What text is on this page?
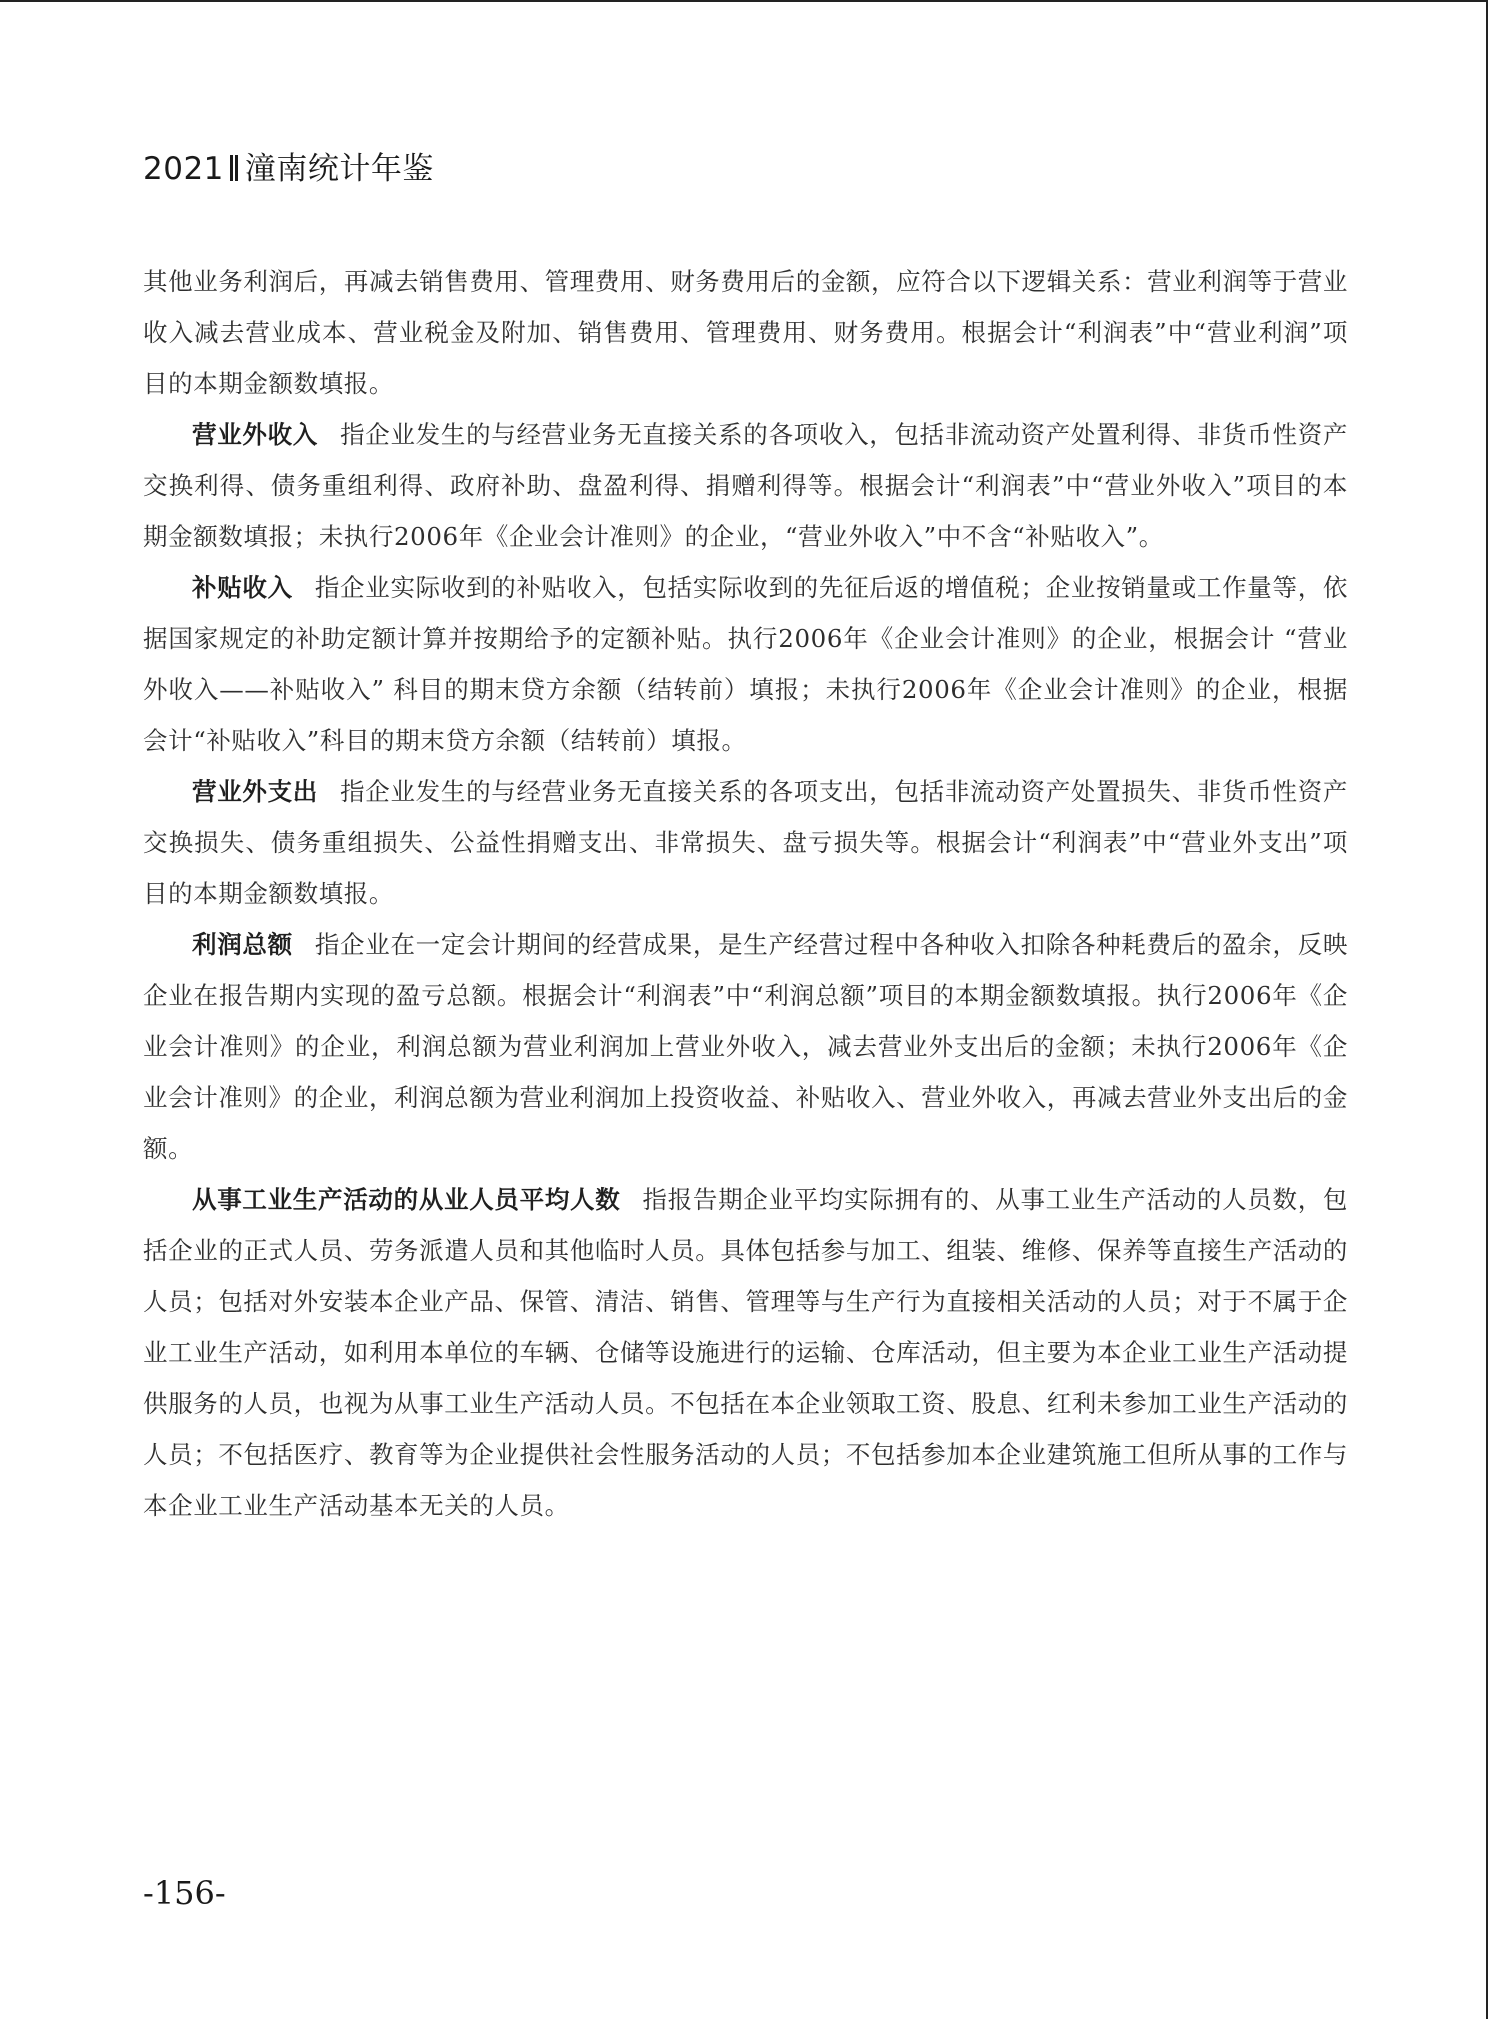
2021 潼南统计年鉴

其他业务利润后，再减去销售费用、管理费用、财务费用后的金额，应符合以下逻辑关系：营业利润等于营业收入减去营业成本、营业税金及附加、销售费用、管理费用、财务费用。根据会计“利润表”中“营业利润”项目的本期金额数填报。

营业外收入 指企业发生的与经营业务无直接关系的各项收入，包括非流动资产处置利得、非货币性资产交换利得、债务重组利得、政府补助、盘盈利得、捐赠利得等。根据会计“利润表”中“营业外收入”项目的本期金额数填报；未执行2006年《企业会计准则》的企业，“营业外收入”中不含“补贴收入”。

补贴收入 指企业实际收到的补贴收入，包括实际收到的先征后返的增值税；企业按销量或工作量等，依据国家规定的补助定额计算并按期给予的定额补贴。执行2006年《企业会计准则》的企业，根据会计 “营业外收入——补贴收入” 科目的期末贷方余额（结转前）填报；未执行2006年《企业会计准则》的企业，根据会计“补贴收入”科目的期末贷方余额（结转前）填报。

营业外支出 指企业发生的与经营业务无直接关系的各项支出，包括非流动资产处置损失、非货币性资产交换损失、债务重组损失、公益性捐赠支出、非常损失、盘亏损失等。根据会计“利润表”中“营业外支出”项目的本期金额数填报。

利润总额 指企业在一定会计期间的经营成果，是生产经营过程中各种收入扣除各种耗费后的盈余，反映企业在报告期内实现的盈亏总额。根据会计“利润表”中“利润总额”项目的本期金额数填报。执行2006年《企业会计准则》的企业，利润总额为营业利润加上营业外收入，减去营业外支出后的金额；未执行2006年《企业会计准则》的企业，利润总额为营业利润加上投资收益、补贴收入、营业外收入，再减去营业外支出后的金额。

从事工业生产活动的从业人员平均人数 指报告期企业平均实际拥有的、从事工业生产活动的人员数，包括企业的正式人员、劳务派遣人员和其他临时人员。具体包括参与加工、组装、维修、保养等直接生产活动的人员；包括对外安装本企业产品、保管、清洁、销售、管理等与生产行为直接相关活动的人员；对于不属于企业工业生产活动，如利用本单位的车辆、仓储等设施进行的运输、仓库活动，但主要为本企业工业生产活动提供服务的人员，也视为从事工业生产活动人员。不包括在本企业领取工资、股息、红利未参加工业生产活动的人员；不包括医疗、教育等为企业提供社会性服务活动的人员；不包括参加本企业建筑施工但所从事的工作与本企业工业生产活动基本无关的人员。

-156-
